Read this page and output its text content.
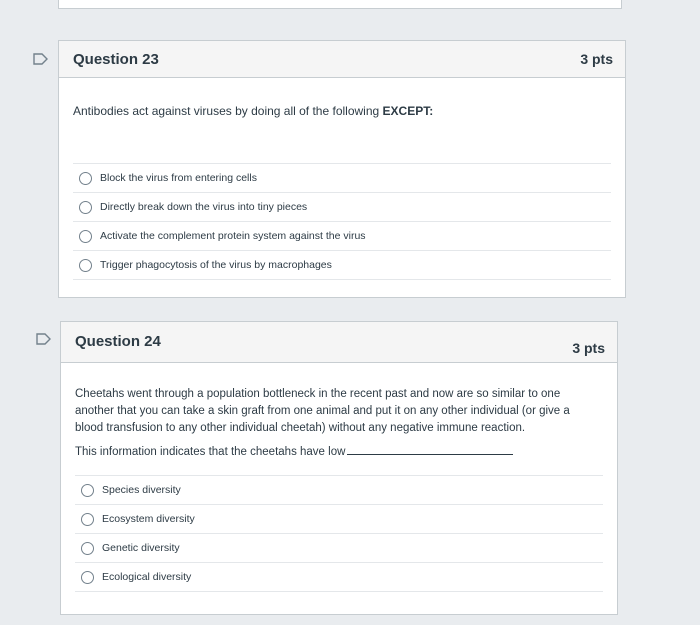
Question 23	3 pts
Antibodies act against viruses by doing all of the following EXCEPT:
Block the virus from entering cells
Directly break down the virus into tiny pieces
Activate the complement protein system against the virus
Trigger phagocytosis of the virus by macrophages
Question 24	3 pts
Cheetahs went through a population bottleneck in the recent past and now are so similar to one
another that you can take a skin graft from one animal and put it on any other individual (or give a
blood transfusion to any other individual cheetah) without any negative immune reaction.
This information indicates that the cheetahs have low
Species diversity
Ecosystem diversity
Genetic diversity
Ecological diversity
